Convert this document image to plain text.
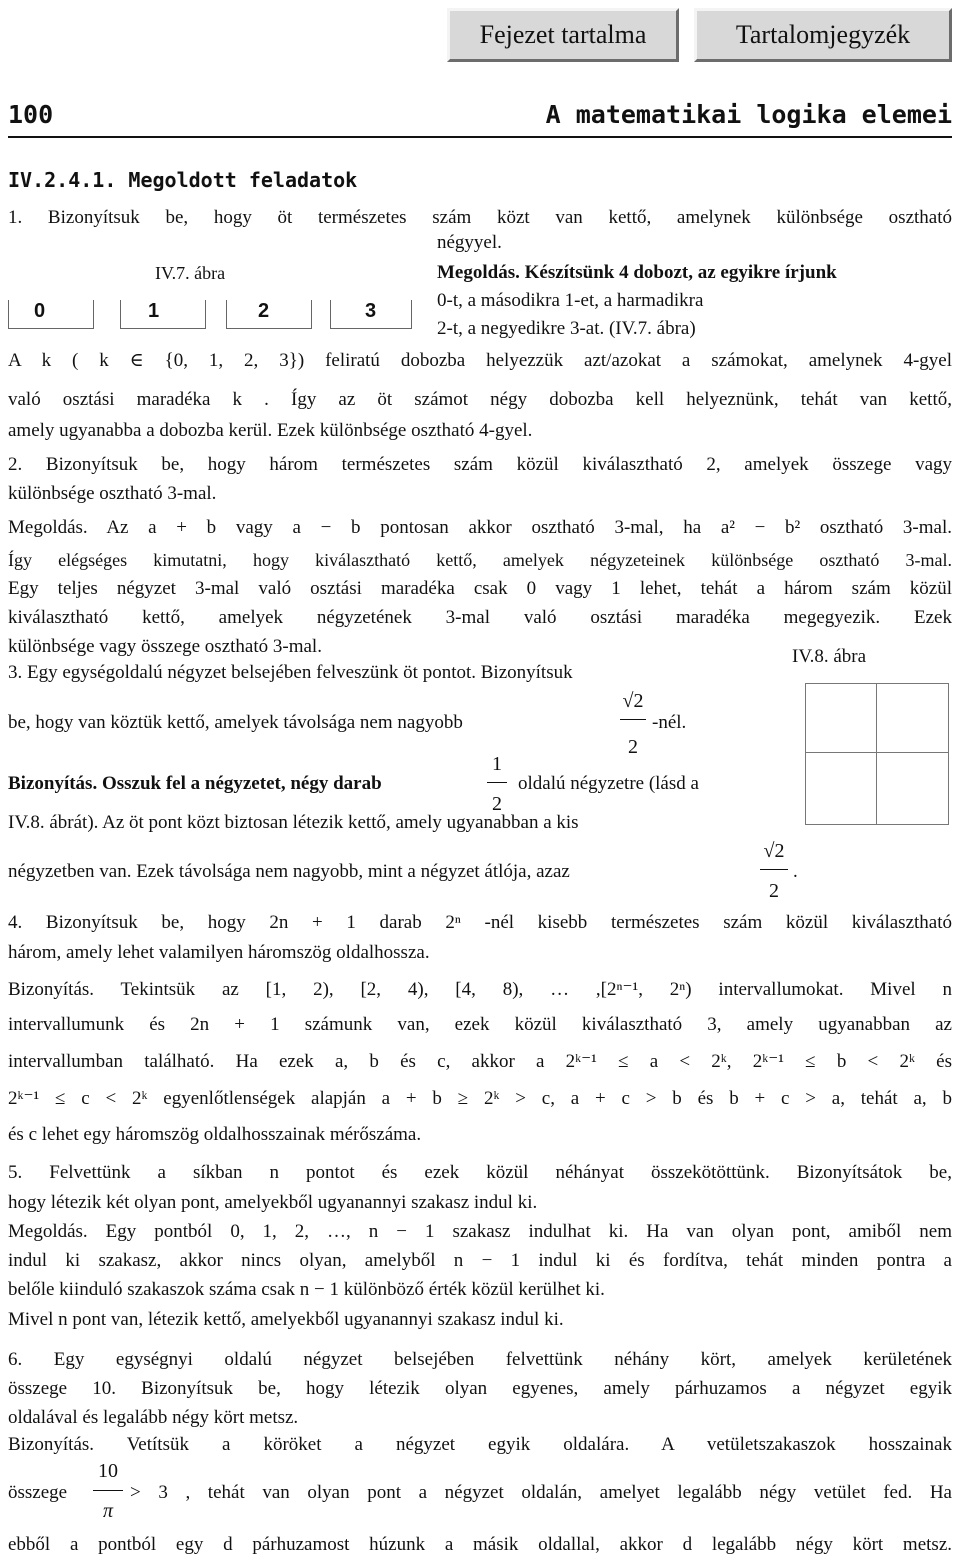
Fejezet tartalma	Tartalomjegyzék
100	A matematikai logika elemei
IV.2.4.1. Megoldott feladatok
1. Bizonyítsuk be, hogy öt természetes szám közt van kettő, amelynek különbsége osztható
négyyel.
IV.7. ábra
0	1	2	3
Megoldás. Készítsünk 4 dobozt, az egyikre írjunk
0-t, a másodikra 1-et, a harmadikra
2-t, a negyedikre 3-at. (IV.7. ábra)
A k ( k ∈ {0, 1, 2, 3}) feliratú dobozba helyezzük azt/azokat a számokat, amelynek 4-gyel
való osztási maradéka k . Így az öt számot négy dobozba kell helyeznünk, tehát van kettő,
amely ugyanabba a dobozba kerül. Ezek különbsége osztható 4-gyel.
2. Bizonyítsuk be, hogy három természetes szám közül kiválasztható 2, amelyek összege vagy
különbsége osztható 3-mal.
Megoldás. Az a + b vagy a − b pontosan akkor osztható 3-mal, ha a² − b² osztható 3-mal.
Így elégséges kimutatni, hogy kiválasztható kettő, amelyek négyzeteinek különbsége osztható 3-mal.
Egy teljes négyzet 3-mal való osztási maradéka csak 0 vagy 1 lehet, tehát a három szám közül
kiválasztható kettő, amelyek négyzetének 3-mal való osztási maradéka megegyezik. Ezek
különbsége vagy összege osztható 3-mal.	IV.8. ábra
3. Egy egységoldalú négyzet belsejében felveszünk öt pontot. Bizonyítsuk
be, hogy van köztük kettő, amelyek távolsága nem nagyobb
√2
2
-nél.
Bizonyítás. Osszuk fel a négyzetet, négy darab
1
2
oldalú négyzetre (lásd a
IV.8. ábrát). Az öt pont közt biztosan létezik kettő, amely ugyanabban a kis
négyzetben van. Ezek távolsága nem nagyobb, mint a négyzet átlója, azaz
√2
2
.
4. Bizonyítsuk be, hogy 2n + 1 darab 2ⁿ -nél kisebb természetes szám közül kiválasztható
három, amely lehet valamilyen háromszög oldalhossza.
Bizonyítás. Tekintsük az [1, 2), [2, 4), [4, 8), … ,[2ⁿ⁻¹, 2ⁿ) intervallumokat. Mivel n
intervallumunk és 2n + 1 számunk van, ezek közül kiválasztható 3, amely ugyanabban az
intervallumban található. Ha ezek a, b és c, akkor a 2ᵏ⁻¹ ≤ a < 2ᵏ, 2ᵏ⁻¹ ≤ b < 2ᵏ és
2ᵏ⁻¹ ≤ c < 2ᵏ egyenlőtlenségek alapján a + b ≥ 2ᵏ > c, a + c > b és b + c > a, tehát a, b
és c lehet egy háromszög oldalhosszainak mérőszáma.
5. Felvettünk a síkban n pontot és ezek közül néhányat összekötöttünk. Bizonyítsátok be,
hogy létezik két olyan pont, amelyekből ugyanannyi szakasz indul ki.
Megoldás. Egy pontból 0, 1, 2, …, n − 1 szakasz indulhat ki. Ha van olyan pont, amiből nem
indul ki szakasz, akkor nincs olyan, amelyből n − 1 indul ki és fordítva, tehát minden pontra a
belőle kiinduló szakaszok száma csak n − 1 különböző érték közül kerülhet ki.
Mivel n pont van, létezik kettő, amelyekből ugyanannyi szakasz indul ki.
6. Egy egységnyi oldalú négyzet belsejében felvettünk néhány kört, amelyek kerületének
összege 10. Bizonyítsuk be, hogy létezik olyan egyenes, amely párhuzamos a négyzet egyik
oldalával és legalább négy kört metsz.
Bizonyítás. Vetítsük a köröket a négyzet egyik oldalára. A vetületszakaszok hosszainak
összege
10
π
> 3 , tehát van olyan pont a négyzet oldalán, amelyet legalább négy vetület fed. Ha
ebből a pontból egy d párhuzamost húzunk a másik oldallal, akkor d legalább négy kört metsz.
